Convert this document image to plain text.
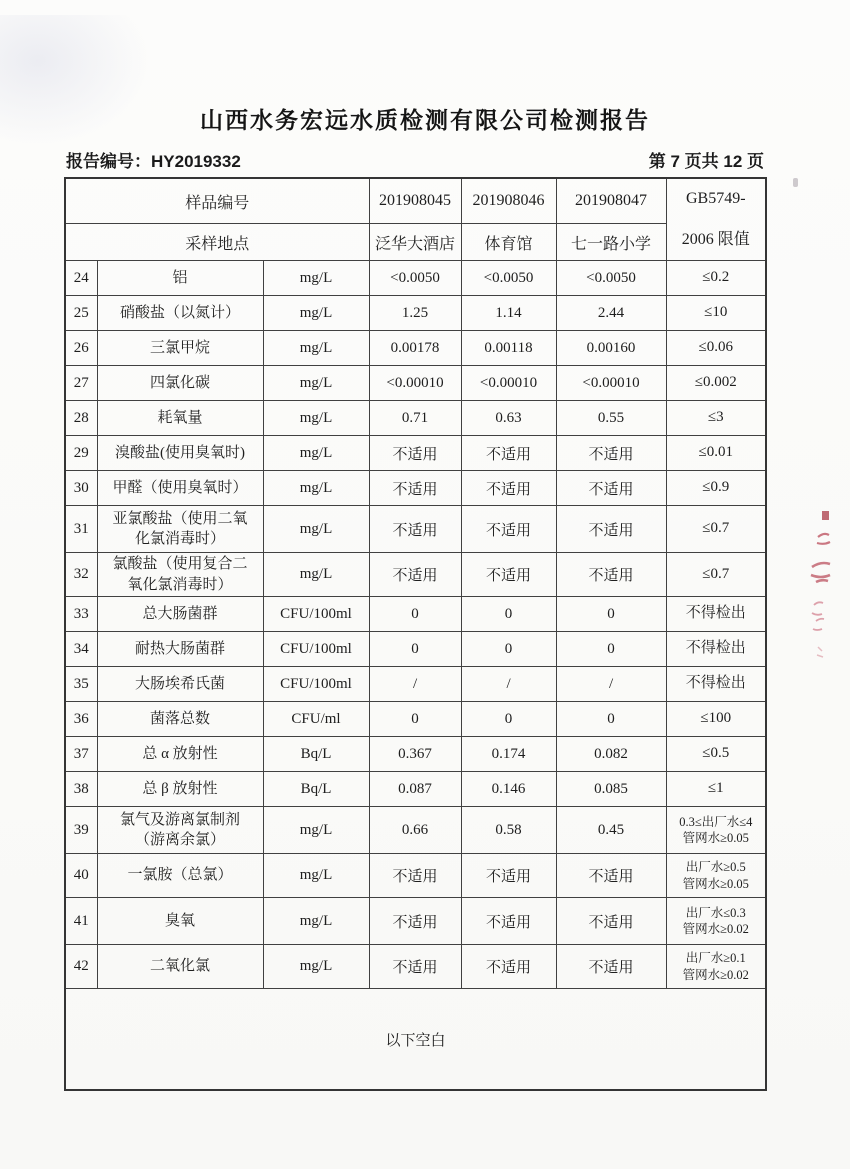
山西水务宏远水质检测有限公司检测报告
报告编号：HY2019332	第 7 页共 12 页
样品编号			201908045	201908046	201908047	GB5749-
2006 限值

采样地点			泛华大酒店	体育馆	七一路小学	
24	铝	mg/L	<0.0050	<0.0050	<0.0050	≤0.2

25	硝酸盐（以氮计）	mg/L	1.25	1.14	2.44	≤10

26	三氯甲烷	mg/L	0.00178	0.00118	0.00160	≤0.06

27	四氯化碳	mg/L	<0.00010	<0.00010	<0.00010	≤0.002

28	耗氧量	mg/L	0.71	0.63	0.55	≤3

29	溴酸盐(使用臭氧时)	mg/L	不适用	不适用	不适用	≤0.01

30	甲醛（使用臭氧时）	mg/L	不适用	不适用	不适用	≤0.9

31	亚氯酸盐（使用二氧
化氯消毒时）	mg/L	不适用	不适用	不适用	≤0.7

32	氯酸盐（使用复合二
氧化氯消毒时）	mg/L	不适用	不适用	不适用	≤0.7

33	总大肠菌群	CFU/100ml	0	0	0	不得检出

34	耐热大肠菌群	CFU/100ml	0	0	0	不得检出

35	大肠埃希氏菌	CFU/100ml	/	/	/	不得检出

36	菌落总数	CFU/ml	0	0	0	≤100

37	总 α 放射性	Bq/L	0.367	0.174	0.082	≤0.5

38	总 β 放射性	Bq/L	0.087	0.146	0.085	≤1

39	氯气及游离氯制剂
（游离余氯）	mg/L	0.66	0.58	0.45	0.3≤出厂水≤4
管网水≥0.05

40	一氯胺（总氯）	mg/L	不适用	不适用	不适用	出厂水≥0.5
管网水≥0.05

41	臭氧	mg/L	不适用	不适用	不适用	出厂水≤0.3
管网水≥0.02

42	二氧化氯	mg/L	不适用	不适用	不适用	出厂水≥0.1
管网水≥0.02

以下空白						
